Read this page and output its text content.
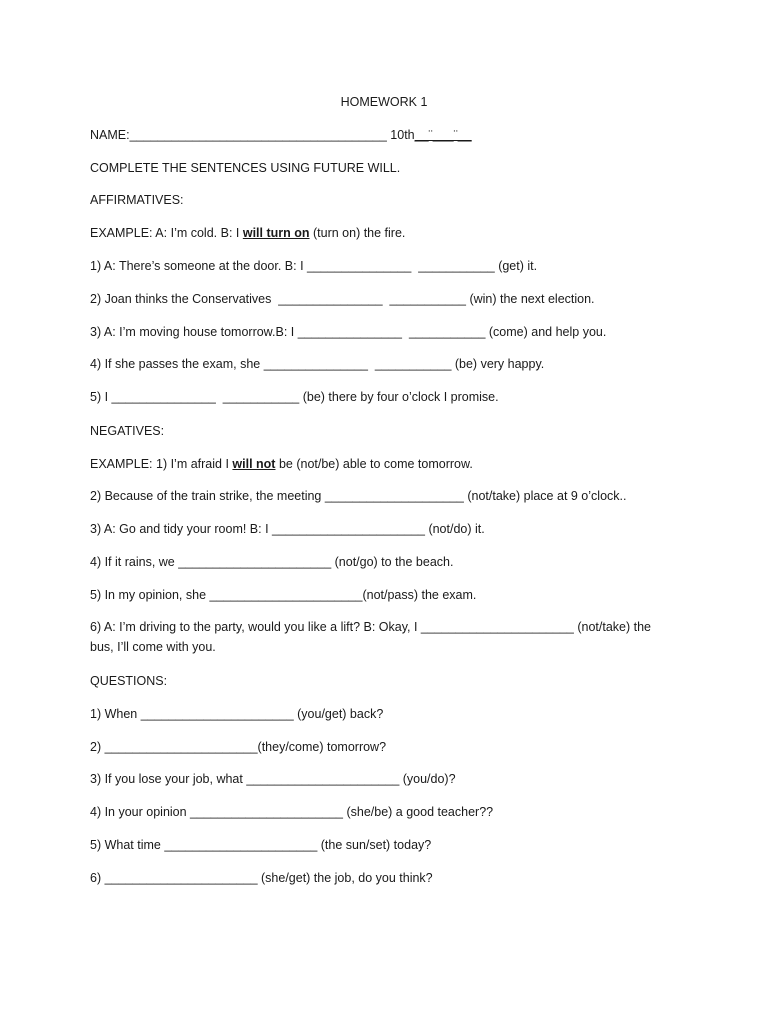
HOMEWORK 1
NAME:_____________________________________ 10th__¨___¨__
COMPLETE THE SENTENCES USING FUTURE WILL.
AFFIRMATIVES:
EXAMPLE: A: I’m cold. B: I will turn on (turn on) the fire.
1) A: There’s someone at the door. B: I _______________  ___________ (get) it.
2) Joan thinks the Conservatives  _______________  ___________ (win) the next election.
3) A: I’m moving house tomorrow.B: I _______________  ___________ (come) and help you.
4) If she passes the exam, she _______________  ___________ (be) very happy.
5) I _______________  ___________ (be) there by four o’clock I promise.
NEGATIVES:
EXAMPLE: 1) I’m afraid I will not be (not/be) able to come tomorrow.
2) Because of the train strike, the meeting ____________________ (not/take) place at 9 o’clock..
3) A: Go and tidy your room! B: I ______________________ (not/do) it.
4) If it rains, we ______________________ (not/go) to the beach.
5) In my opinion, she ______________________(not/pass) the exam.
6) A: I’m driving to the party, would you like a lift? B: Okay, I ______________________ (not/take) the bus, I’ll come with you.
QUESTIONS:
1) When ______________________ (you/get) back?
2) ______________________(they/come) tomorrow?
3) If you lose your job, what ______________________ (you/do)?
4) In your opinion ______________________ (she/be) a good teacher??
5) What time ______________________ (the sun/set) today?
6) ______________________ (she/get) the job, do you think?
